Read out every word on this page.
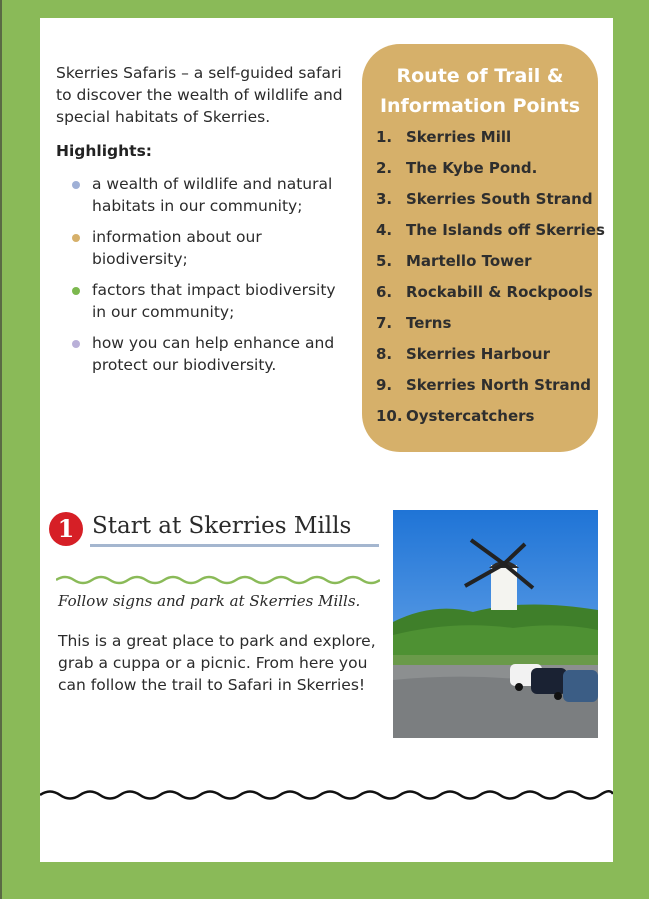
Skerries Safaris – a self-guided safari to discover the wealth of wildlife and special habitats of Skerries.

Highlights:
a wealth of wildlife and natural habitats in our community;
information about our biodiversity;
factors that impact biodiversity in our community;
how you can help enhance and protect our biodiversity.
Route of Trail &
Information Points
1. Skerries Mill
2. The Kybe Pond.
3. Skerries South Strand
4. The Islands off Skerries
5. Martello Tower
6. Rockabill & Rockpools
7. Terns
8. Skerries Harbour
9. Skerries North Strand
10. Oystercatchers
1 Start at Skerries Mills
Follow signs and park at Skerries Mills.

This is a great place to park and explore, grab a cuppa or a picnic. From here you can follow the trail to Safari in Skerries!
